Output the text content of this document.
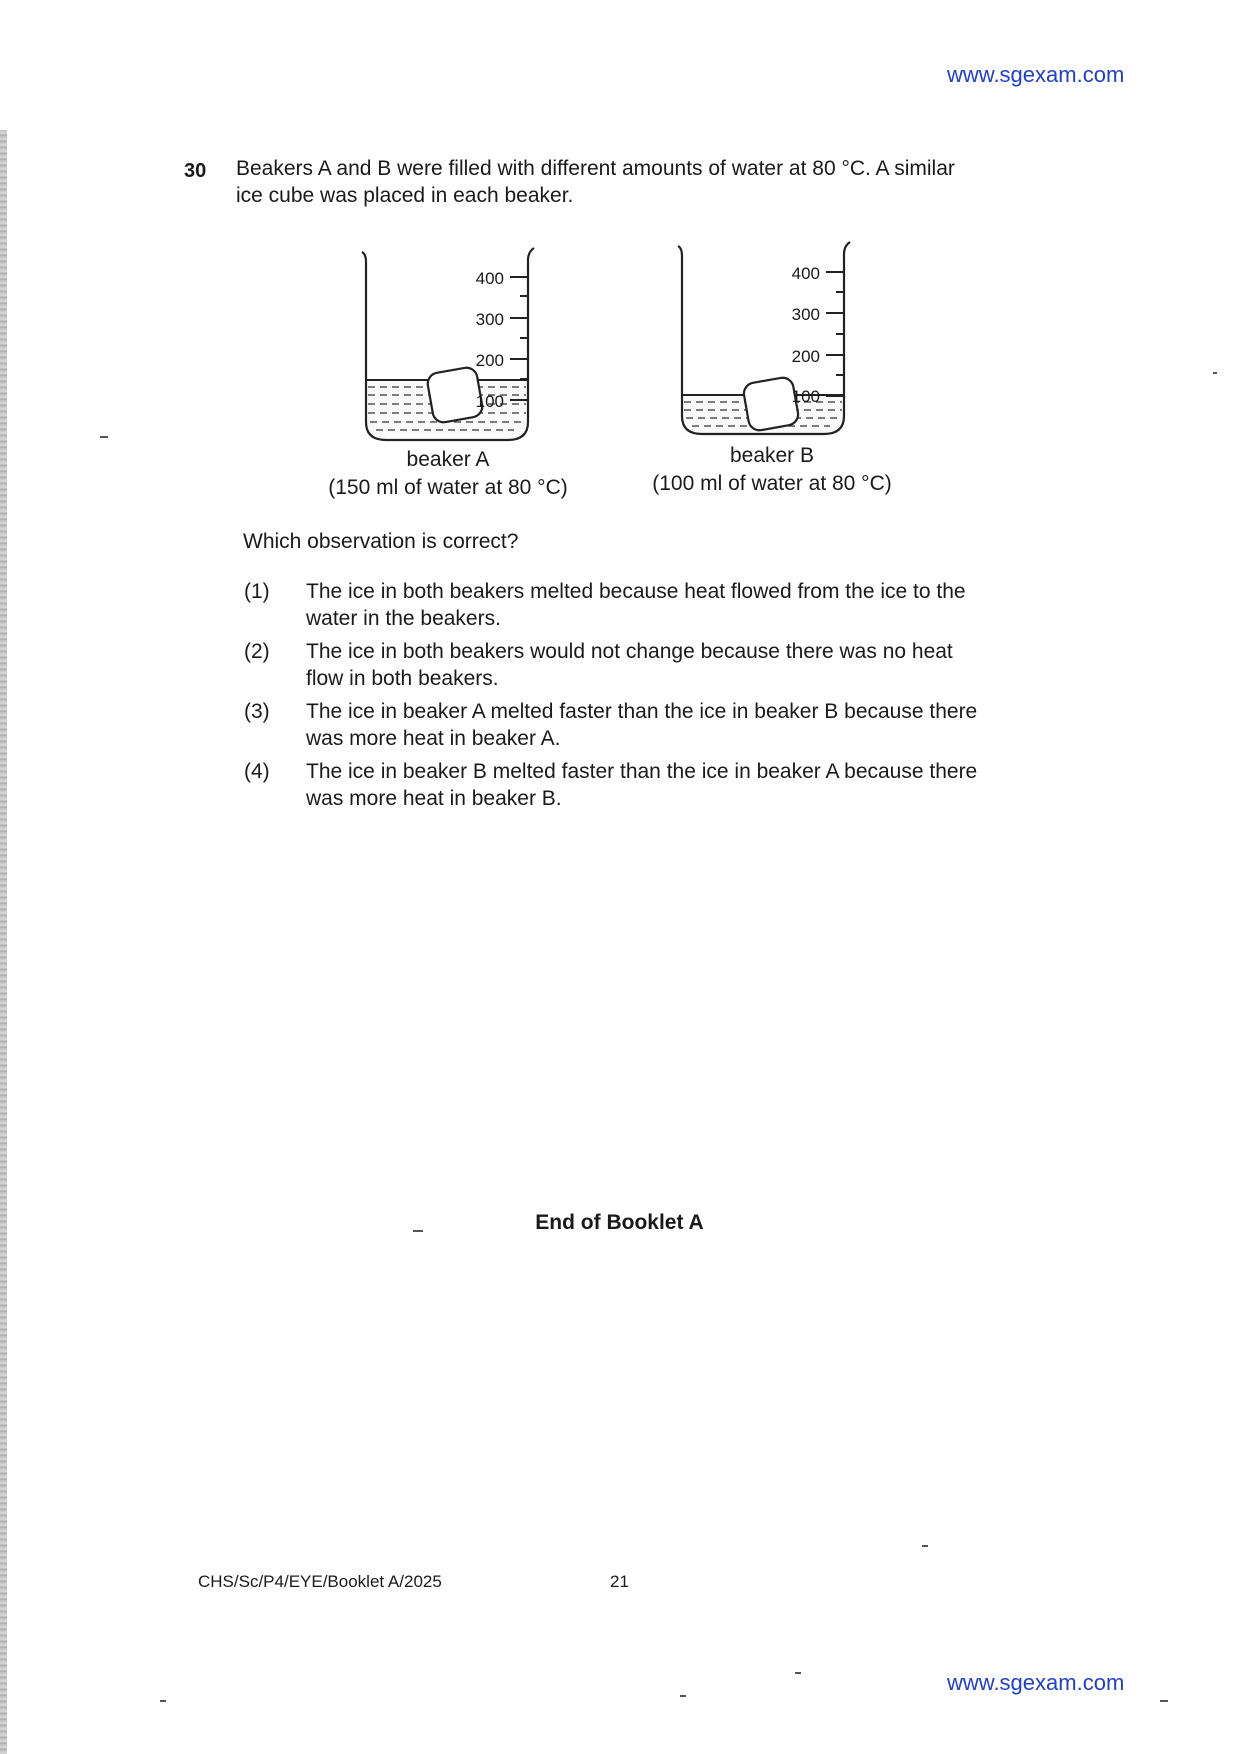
www.sgexam.com
30 Beakers A and B were filled with different amounts of water at 80 °C. A similar ice cube was placed in each beaker.
400
300
200
100
beaker A
(150 ml of water at 80 °C)
400
300
200
100
beaker B
(100 ml of water at 80 °C)
Which observation is correct?
(1)	The ice in both beakers melted because heat flowed from the ice to the water in the beakers.
(2)	The ice in both beakers would not change because there was no heat flow in both beakers.
(3)	The ice in beaker A melted faster than the ice in beaker B because there was more heat in beaker A.
(4)	The ice in beaker B melted faster than the ice in beaker A because there was more heat in beaker B.
End of Booklet A
CHS/Sc/P4/EYE/Booklet A/2025	21
www.sgexam.com
